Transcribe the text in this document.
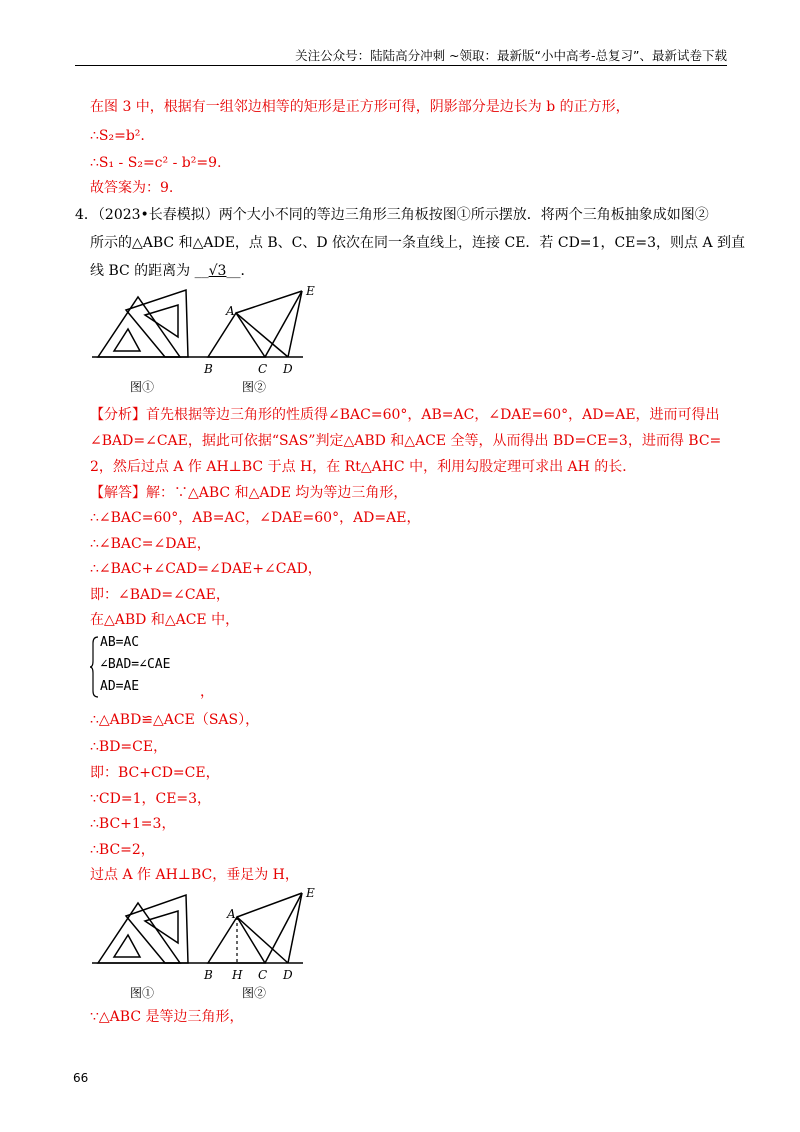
关注公众号：陆陆高分冲刺 ~领取：最新版“小中高考-总复习”、最新试卷下载
在图 3 中，根据有一组邻边相等的矩形是正方形可得，阴影部分是边长为 b 的正方形，
∴S₂=b².
∴S₁ - S₂=c² - b²=9.
故答案为：9.
4．（2023•长春模拟）两个大小不同的等边三角形三角板按图①所示摆放．将两个三角板抽象成如图②
所示的△ABC 和△ADE，点 B、C、D 依次在同一条直线上，连接 CE．若 CD=1，CE=3，则点 A 到直
线 BC 的距离为 __√3__．
A
E
B	C D
图①	图②
【分析】首先根据等边三角形的性质得∠BAC=60°，AB=AC，∠DAE=60°，AD=AE，进而可得出
∠BAD=∠CAE，据此可依据“SAS”判定△ABD 和△ACE 全等，从而得出 BD=CE=3，进而得 BC=
2，然后过点 A 作 AH⊥BC 于点 H，在 Rt△AHC 中，利用勾股定理可求出 AH 的长．
【解答】解：∵△ABC 和△ADE 均为等边三角形，
∴∠BAC=60°，AB=AC，∠DAE=60°，AD=AE，
∴∠BAC=∠DAE，
∴∠BAC+∠CAD=∠DAE+∠CAD，
即：∠BAD=∠CAE，
在△ABD 和△ACE 中，
AB=AC
∠BAD=∠CAE
AD=AE	，
∴△ABD≌△ACE（SAS），
∴BD=CE，
即：BC+CD=CE，
∵CD=1，CE=3，
∴BC+1=3，
∴BC=2，
过点 A 作 AH⊥BC，垂足为 H，
A
E
B H C D
图①	图②
∵△ABC 是等边三角形，
66
